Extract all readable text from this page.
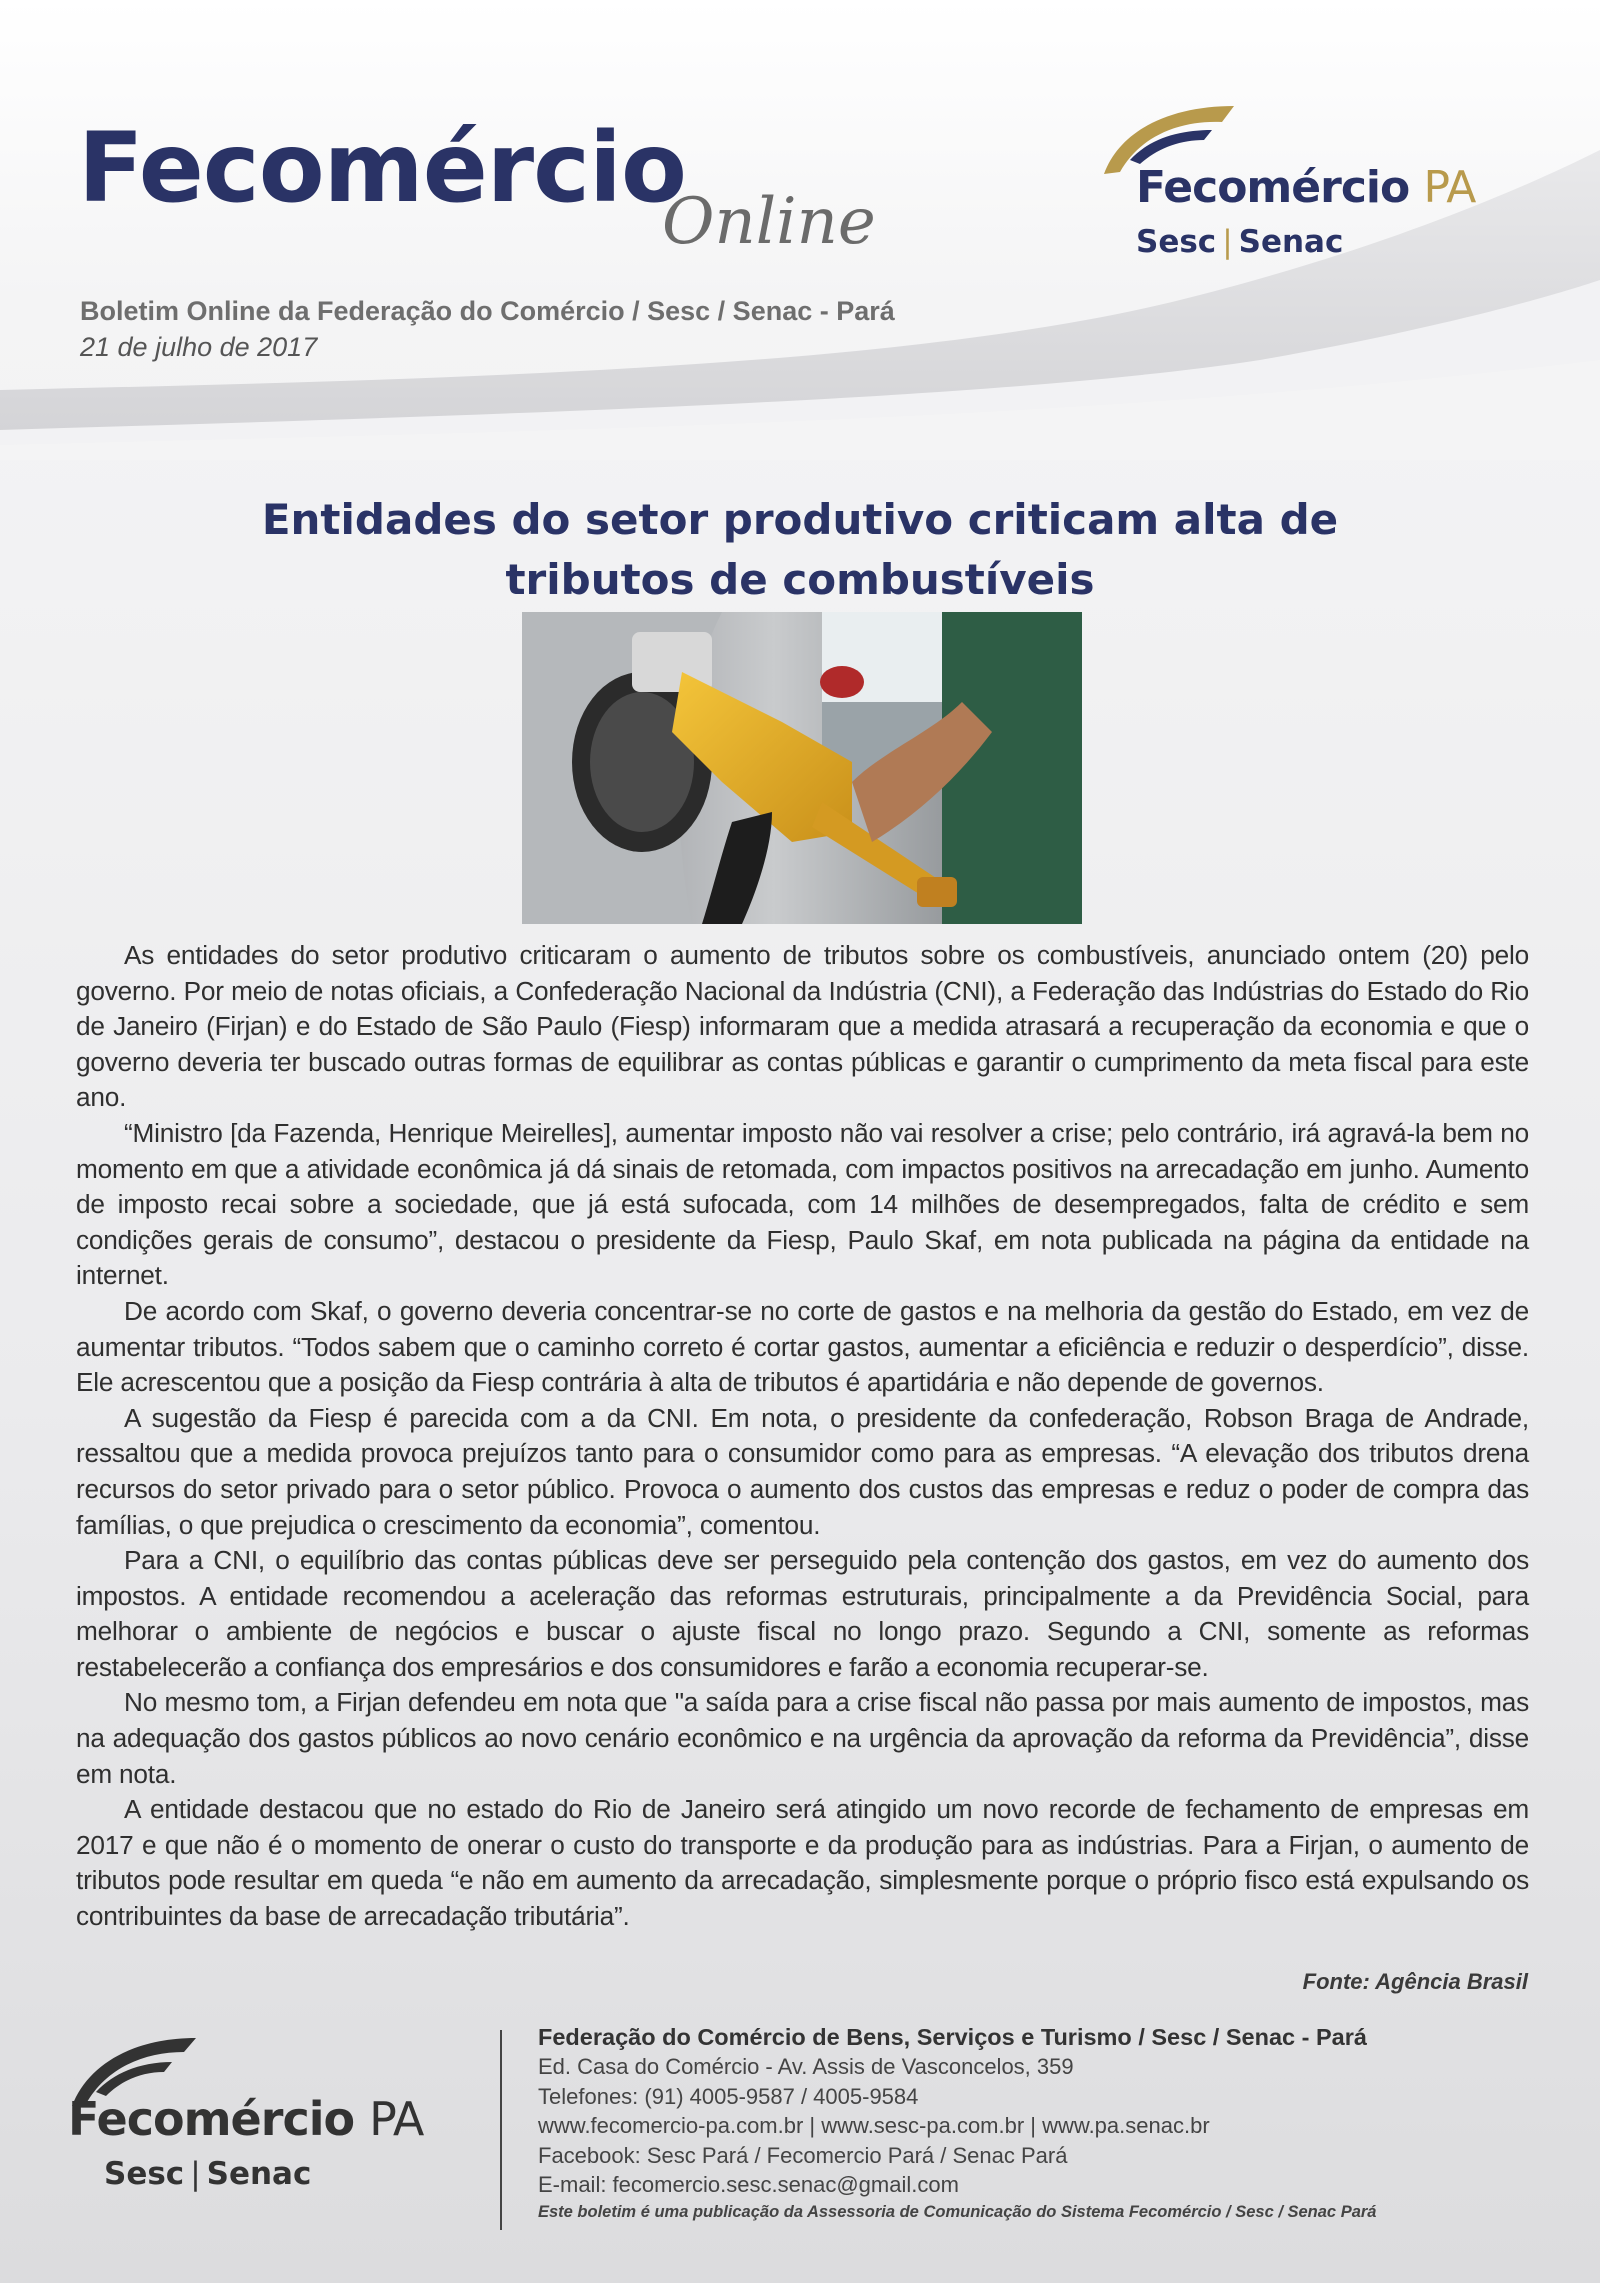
Fecomércio
Online
Boletim Online da Federação do Comércio / Sesc / Senac - Pará
21 de julho de 2017
Fecomércio PA
Sesc | Senac
Entidades do setor produtivo criticam alta de tributos de combustíveis

As entidades do setor produtivo criticaram o aumento de tributos sobre os combustíveis, anunciado ontem (20) pelo governo. Por meio de notas oficiais, a Confederação Nacional da Indústria (CNI), a Federação das Indústrias do Estado do Rio de Janeiro (Firjan) e do Estado de São Paulo (Fiesp) informaram que a medida atrasará a recuperação da economia e que o governo deveria ter buscado outras formas de equilibrar as contas públicas e garantir o cumprimento da meta fiscal para este ano.

“Ministro [da Fazenda, Henrique Meirelles], aumentar imposto não vai resolver a crise; pelo contrário, irá agravá-la bem no momento em que a atividade econômica já dá sinais de retomada, com impactos positivos na arrecadação em junho. Aumento de imposto recai sobre a sociedade, que já está sufocada, com 14 milhões de desempregados, falta de crédito e sem condições gerais de consumo”, destacou o presidente da Fiesp, Paulo Skaf, em nota publicada na página da entidade na internet.

De acordo com Skaf, o governo deveria concentrar-se no corte de gastos e na melhoria da gestão do Estado, em vez de aumentar tributos. “Todos sabem que o caminho correto é cortar gastos, aumentar a eficiência e reduzir o desperdício”, disse. Ele acrescentou que a posição da Fiesp contrária à alta de tributos é apartidária e não depende de governos.

A sugestão da Fiesp é parecida com a da CNI. Em nota, o presidente da confederação, Robson Braga de Andrade, ressaltou que a medida provoca prejuízos tanto para o consumidor como para as empresas. “A elevação dos tributos drena recursos do setor privado para o setor público. Provoca o aumento dos custos das empresas e reduz o poder de compra das famílias, o que prejudica o crescimento da economia”, comentou.

Para a CNI, o equilíbrio das contas públicas deve ser perseguido pela contenção dos gastos, em vez do aumento dos impostos. A entidade recomendou a aceleração das reformas estruturais, principalmente a da Previdência Social, para melhorar o ambiente de negócios e buscar o ajuste fiscal no longo prazo. Segundo a CNI, somente as reformas restabelecerão a confiança dos empresários e dos consumidores e farão a economia recuperar-se.

No mesmo tom, a Firjan defendeu em nota que "a saída para a crise fiscal não passa por mais aumento de impostos, mas na adequação dos gastos públicos ao novo cenário econômico e na urgência da aprovação da reforma da Previdência”, disse em nota.

A entidade destacou que no estado do Rio de Janeiro será atingido um novo recorde de fechamento de empresas em 2017 e que não é o momento de onerar o custo do transporte e da produção para as indústrias. Para a Firjan, o aumento de tributos pode resultar em queda “e não em aumento da arrecadação, simplesmente porque o próprio fisco está expulsando os contribuintes da base de arrecadação tributária”.

Fonte: Agência Brasil
Fecomércio PA
Sesc | Senac
Federação do Comércio de Bens, Serviços e Turismo / Sesc / Senac - Pará
Ed. Casa do Comércio - Av. Assis de Vasconcelos, 359
Telefones: (91) 4005-9587 / 4005-9584
www.fecomercio-pa.com.br | www.sesc-pa.com.br | www.pa.senac.br
Facebook: Sesc Pará / Fecomercio Pará / Senac Pará
E-mail: fecomercio.sesc.senac@gmail.com
Este boletim é uma publicação da Assessoria de Comunicação do Sistema Fecomércio / Sesc / Senac Pará
